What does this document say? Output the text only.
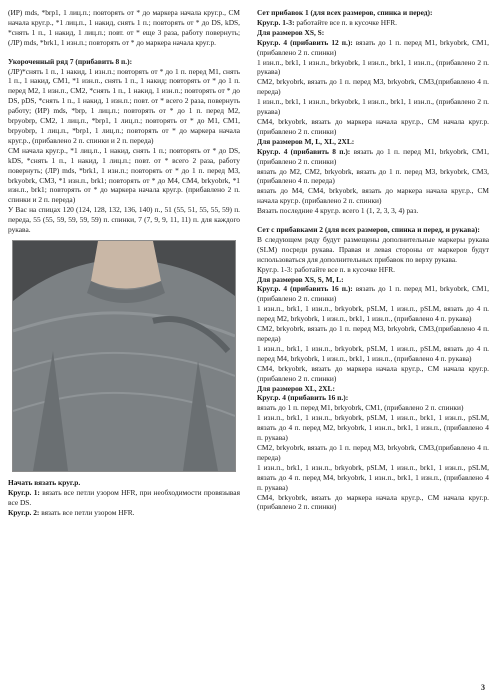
(ИР) mds, *brp1, 1 лиц.п.; повторять от * до маркера начала круг.р., СМ начала круг.р., *1 лиц.п., 1 накид, снять 1 п.; повторять от * до DS, kDS, *снять 1 п., 1 накид, 1 лиц.п.; повт. от * еще 3 раза, работу повернуть; (ЛР) mds, *brk1, 1 изн.п.; повторять от * до маркера начала круг.р.

Укороченный ряд 7 (прибавить 8 п.):

(ЛР)*снять 1 п., 1 накид, 1 изн.п.; повторять от * до 1 п. перед М1, снять 1 п., 1 накид, СМ1, *1 изн.п., снять 1 п., 1 накид; повторять от * до 1 п. перед М2, 1 изн.п., СМ2, *снять 1 п., 1 накид, 1 изн.п.; повторять от * до DS, pDS, *снять 1 п., 1 накид, 1 изн.п.; повт. от * всего 2 раза, повернуть работу; (ИР) mds, *brp, 1 лиц.п.; повторять от * до 1 п. перед М2, brpyobrp, СМ2, 1 лиц.п., *brp1, 1 лиц.п.; повторять от * до М1, СМ1, brpyobrp, 1 лиц.п., *brp1, 1 лиц.п.; повторять от * до маркера начала круг.р., (прибавлено 2 п. спинки и 2 п. переда)

СМ начала круг.р., *1 лиц.п., 1 накид, снять 1 п.; повторять от * до DS, kDS, *снять 1 п., 1 накид, 1 лиц.п.; повт. от * всего 2 раза, работу повернуть; (ЛР) mds, *brk1, 1 изн.п.; повторять от * до 1 п. перед М3, brkyobrk, СМ3, *1 изн.п., brk1; повторять от * до М4, СМ4, brkyobrk, *1 изн.п., brk1; повторять от * до маркера начала круг.р. (прибавлено 2 п. спинки и 2 п. переда)

У Вас на спицах 120 (124, 128, 132, 136, 140) п., 51 (55, 51, 55, 55, 59) п. переда, 55 (55, 59, 59, 59, 59) п. спинки, 7 (7, 9, 9, 11, 11) п. для каждого рукава.

Начать вязать круг.р.

Круг.р. 1: вязать все петли узором HFR, при необходимости провязывая все DS.

Круг.р. 2: вязать все петли узором HFR.

Сет прибавок 1 (для всех размеров, спинка и перед):

Круг.р. 1-3: работайте все п. в кусочке HFR.

Для размеров XS, S:

Круг.р. 4 (прибавить 12 п.): вязать до 1 п. перед М1, brkyobrk, СМ1, (прибавлено 2 п. спинки)

1 изн.п., brk1, 1 изн.п., brkyobrk, 1 изн.п., brk1, 1 изн.п., (прибавлено 2 п. рукава)

СМ2, brkyobrk, вязать до 1 п. перед М3, brkyobrk, СМ3,(прибавлено 4 п. переда)

1 изн.п., brk1, 1 изн.п., brkyobrk, 1 изн.п., brk1, 1 изн.п., (прибавлено 2 п. рукава)

СМ4, brkyobrk, вязать до маркера начала круг.р., СМ начала круг.р. (прибавлено 2 п. спинки)

Для размеров М, L, XL, 2XL:

Круг.р. 4 (прибавить 8 п.): вязать до 1 п. перед М1, brkyobrk, СМ1, (прибавлено 2 п. спинки)

вязать до М2, СМ2, brkyobrk, вязать до 1 п. перед М3, brkyobrk, СМ3,(прибавлено 4 п. переда)

вязать до М4, СМ4, brkyobrk, вязать до маркера начала круг.р., СМ начала круг.р. (прибавлено 2 п. спинки)

Вязать последние 4 круг.р. всего 1 (1, 2, 3, 3, 4) раз.

Сет с прибавками 2 (для всех размеров, спинка и перед, и рукава):

В следующем ряду будут размещены дополнительные маркеры рукава (SLM) посреди рукава. Правая и левая стороны от маркеров будут использоваться для дополнительных прибавок по верху рукава.

Круг.р. 1-3: работайте все п. в кусочке HFR.

Для размеров XS, S, M, L:

Круг.р. 4 (прибавить 16 п.): вязать до 1 п. перед М1, brkyobrk, СМ1, (прибавлено 2 п. спинки)

1 изн.п., brk1, 1 изн.п., brkyobrk, pSLM, 1 изн.п., pSLM, вязать до 4 п. перед М2, brkyobrk, 1 изн.п., brk1, 1 изн.п., (прибавлено 4 п. рукава)

СМ2, brkyobrk, вязать до 1 п. перед М3, brkyobrk, СМ3,(прибавлено 4 п. переда)

1 изн.п., brk1, 1 изн.п., brkyobrk, pSLM, 1 изн.п., pSLM, вязать до 4 п. перед М4, brkyobrk, 1 изн.п., brk1, 1 изн.п., (прибавлено 4 п. рукава)

СМ4, brkyobrk, вязать до маркера начала круг.р., СМ начала круг.р. (прибавлено 2 п. спинки)

Для размеров XL, 2XL:

Круг.р. 4 (прибавить 16 п.):

вязать до 1 п. перед М1, brkyobrk, СМ1, (прибавлено 2 п. спинки)

1 изн.п., brk1, 1 изн.п., brkyobrk, pSLM, 1 изн.п., brk1, 1 изн.п., pSLM, вязать до 4 п. перед М2, brkyobrk, 1 изн.п., brk1, 1 изн.п., (прибавлено 4 п. рукава)

СМ2, brkyobrk, вязать до 1 п. перед М3, brkyobrk, СМ3,(прибавлено 4 п. переда)

1 изн.п., brk1, 1 изн.п., brkyobrk, pSLM, 1 изн.п., brk1, 1 изн.п., pSLM, вязать до 4 п. перед М4, brkyobrk, 1 изн.п., brk1, 1 изн.п., (прибавлено 4 п. рукава)

СМ4, brkyobrk, вязать до маркера начала круг.р., СМ начала круг.р. (прибавлено 2 п. спинки)

3
